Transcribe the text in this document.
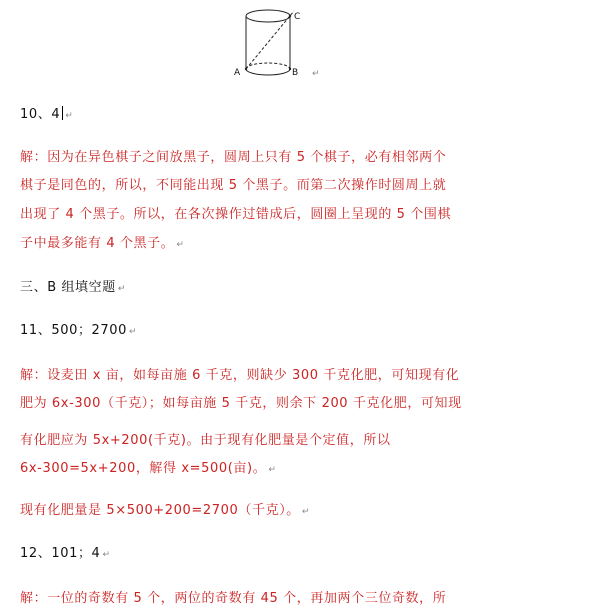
A	B
C
↵
10、4 ↵
解：因为在异色棋子之间放黑子，圆周上只有 5 个棋子，必有相邻两个
棋子是同色的，所以，不同能出现 5 个黑子。而第二次操作时圆周上就
出现了 4 个黑子。所以，在各次操作过错成后，圆圈上呈现的 5 个围棋
子中最多能有 4 个黑子。 ↵
三、B 组填空题 ↵
11、500；2700 ↵
解：设麦田 x 亩，如每亩施 6 千克，则缺少 300 千克化肥，可知现有化
肥为 6x-300（千克）；如每亩施 5 千克，则余下 200 千克化肥，可知现
有化肥应为 5x+200(千克)。由于现有化肥量是个定值，所以
6x-300=5x+200，解得 x=500(亩)。 ↵
现有化肥量是 5×500+200=2700（千克）。 ↵
12、101；4 ↵
解：一位的奇数有 5 个，两位的奇数有 45 个，再加两个三位奇数，所
